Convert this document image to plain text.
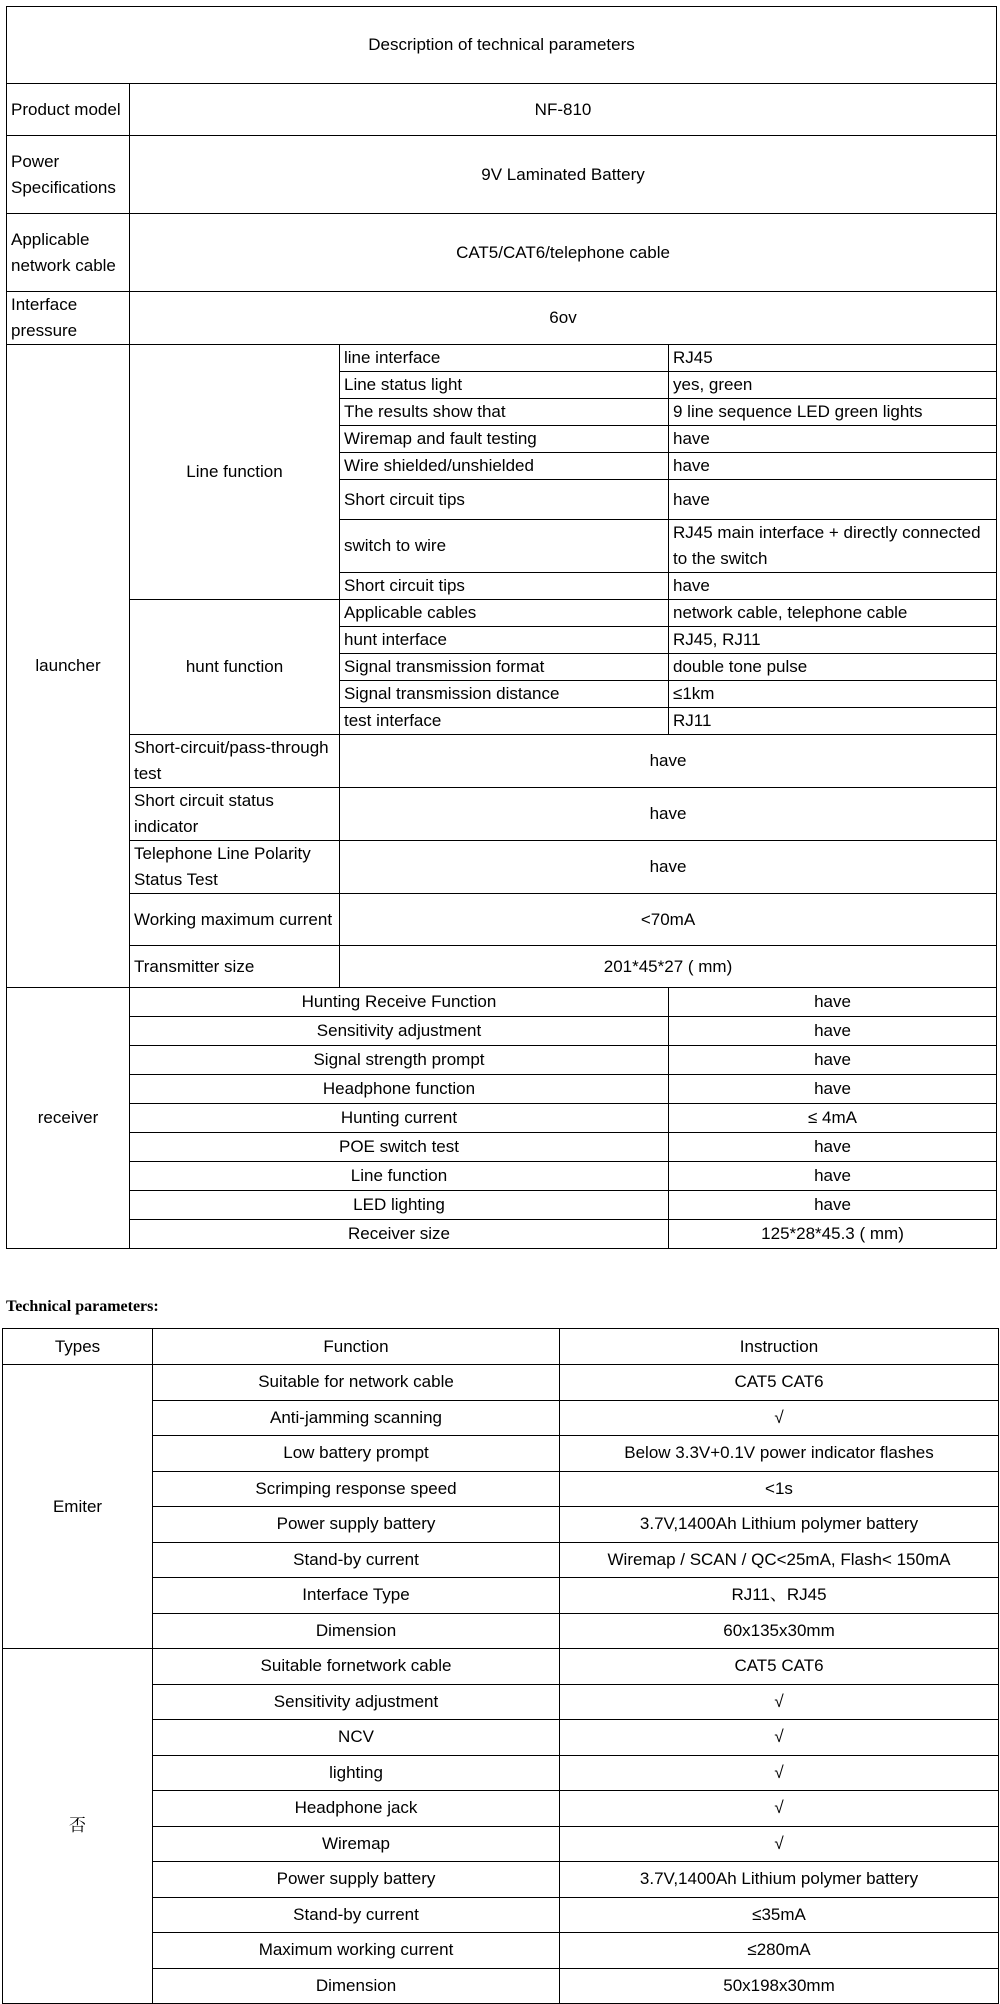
Description of technical parameters			
Product model	NF-810		
Power Specifications	9V Laminated Battery		
Applicable network cable	CAT5/CAT6/telephone cable		
Interface pressure	6ov		
launcher	Line function	line interface	RJ45
		Line status light	yes, green
		The results show that	9 line sequence LED green lights
		Wiremap and fault testing	have
		Wire shielded/unshielded	have
		Short circuit tips	have
		switch to wire	RJ45 main interface + directly connected to the switch
		Short circuit tips	have
	hunt function	Applicable cables	network cable, telephone cable
		hunt interface	RJ45, RJ11
		Signal transmission format	double tone pulse
		Signal transmission distance	≤1km
		test interface	RJ11
	Short-circuit/pass-through test	have	
	Short circuit status indicator	have	
	Telephone Line Polarity Status Test	have	
	Working maximum current	<70mA	
	Transmitter size	201*45*27 ( mm)	
receiver	Hunting Receive Function		have
	Sensitivity adjustment		have
	Signal strength prompt		have
	Headphone function		have
	Hunting current		≤ 4mA
	POE switch test		have
	Line function		have
	LED lighting		have
	Receiver size		125*28*45.3 ( mm)
Technical parameters:
Types	Function	Instruction
Emiter	Suitable for network cable	CAT5 CAT6
	Anti-jamming scanning	√
	Low battery prompt	Below 3.3V+0.1V power indicator flashes
	Scrimping response speed	<1s
	Power supply battery	3.7V,1400Ah Lithium polymer battery
	Stand-by current	Wiremap / SCAN / QC<25mA, Flash< 150mA
	Interface Type	RJ11、RJ45
	Dimension	60x135x30mm
否	Suitable fornetwork cable	CAT5 CAT6
	Sensitivity adjustment	√
	NCV	√
	lighting	√
	Headphone jack	√
	Wiremap	√
	Power supply battery	3.7V,1400Ah Lithium polymer battery
	Stand-by current	≤35mA
	Maximum working current	≤280mA
	Dimension	50x198x30mm
